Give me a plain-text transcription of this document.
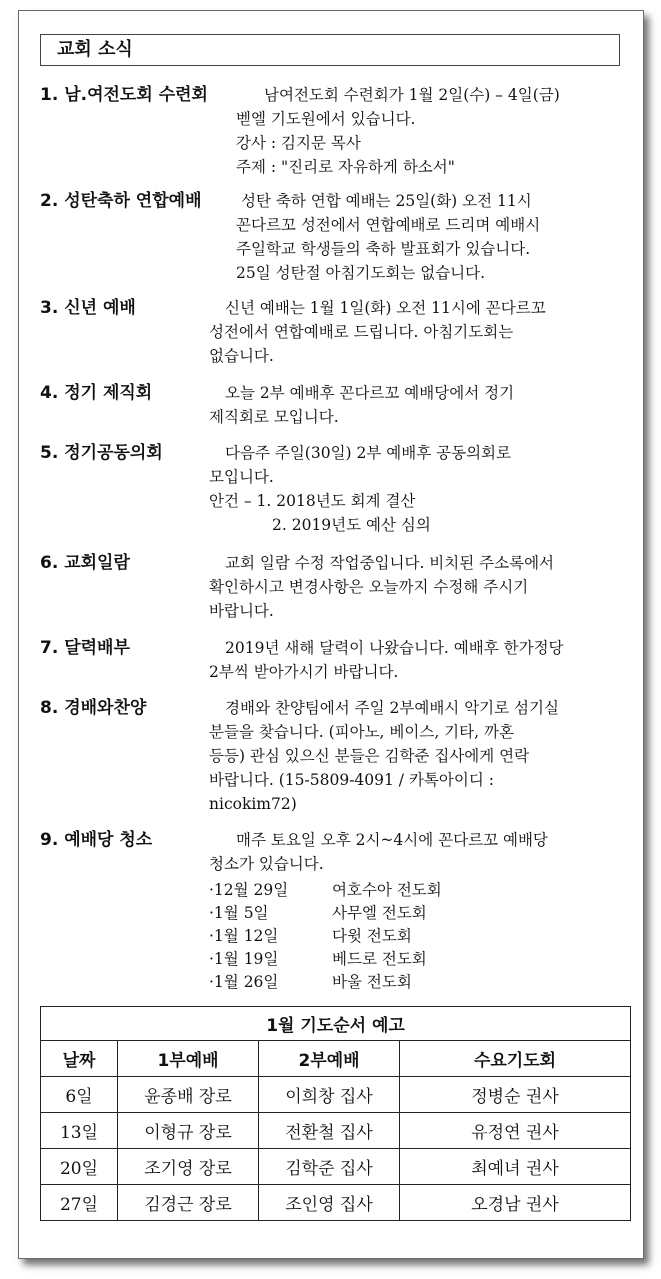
교회 소식
1. 남.여전도회 수련회	남여전도회 수련회가 1월 2일(수) – 4일(금)
벧엘 기도원에서 있습니다.
강사 : 김지문 목사
주제 : "진리로 자유하게 하소서"
2. 성탄축하 연합예배	성탄 축하 연합 예배는 25일(화) 오전 11시
꼰다르꼬 성전에서 연합예배로 드리며 예배시
주일학교 학생들의 축하 발표회가 있습니다.
25일 성탄절 아침기도회는 없습니다.
3. 신년 예배	신년 예배는 1월 1일(화) 오전 11시에 꼰다르꼬
성전에서 연합예배로 드립니다. 아침기도회는
없습니다.
4. 정기 제직회	오늘 2부 예배후 꼰다르꼬 예배당에서 정기
제직회로 모입니다.
5. 정기공동의회	다음주 주일(30일) 2부 예배후 공동의회로
모입니다.
안건 – 1. 2018년도 회계 결산
2. 2019년도 예산 심의
6. 교회일람	교회 일람 수정 작업중입니다. 비치된 주소록에서
확인하시고 변경사항은 오늘까지 수정해 주시기
바랍니다.
7. 달력배부	2019년 새해 달력이 나왔습니다. 예배후 한가정당
2부씩 받아가시기 바랍니다.
8. 경배와찬양	경배와 찬양팀에서 주일 2부예배시 악기로 섬기실
분들을 찾습니다. (피아노, 베이스, 기타, 까혼
등등) 관심 있으신 분들은 김학준 집사에게 연락
바랍니다. (15-5809-4091 / 카톡아이디 :
nicokim72)
9. 예배당 청소	매주 토요일 오후 2시~4시에 꼰다르꼬 예배당
청소가 있습니다.
·12월 29일	여호수아 전도회
·1월 5일	사무엘 전도회
·1월 12일	다윗 전도회
·1월 19일	베드로 전도회
·1월 26일	바울 전도회
1월 기도순서 예고			
날짜	1부예배	2부예배	수요기도회
6일	윤종배 장로	이희창 집사	정병순 권사
13일	이형규 장로	전환철 집사	유정연 권사
20일	조기영 장로	김학준 집사	최예녀 권사
27일	김경근 장로	조인영 집사	오경남 권사
